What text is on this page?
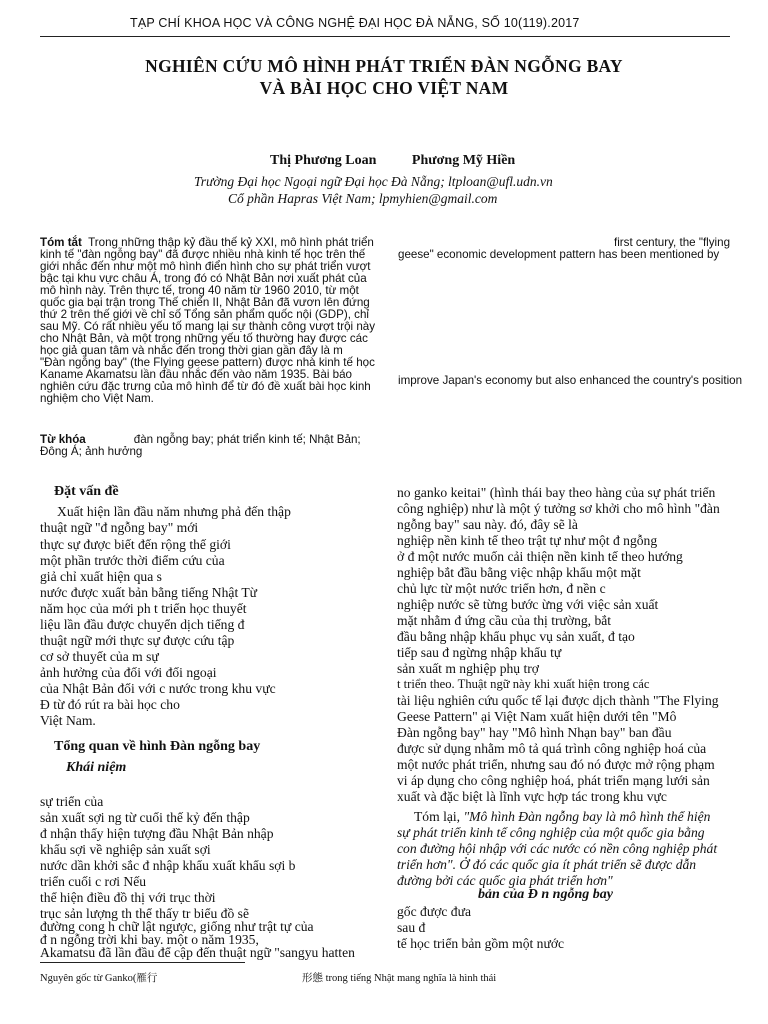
TẠP CHÍ KHOA HỌC VÀ CÔNG NGHỆ ĐẠI HỌC ĐÀ NẴNG, SỐ 10(119).2017
NGHIÊN CỨU MÔ HÌNH PHÁT TRIỂN ĐÀN NGỖNG BAY
VÀ BÀI HỌC CHO VIỆT NAM
Thị Phương Loan	Phương Mỹ Hiền
Trường Đại học Ngoại ngữ Đại học Đà Nẵng; ltploan@ufl.udn.vn
Cổ phần Hapras Việt Nam; lpmyhien@gmail.com
Tóm tắt Trong những thập kỷ đầu thế kỷ XXI, mô hình phát triển
kinh tế "đàn ngỗng bay" đã được nhiều nhà kinh tế học trên thế
giới nhắc đến như một mô hình điển hình cho sự phát triển vượt
bậc tại khu vực châu Á, trong đó có Nhật Bản nơi xuất phát của
mô hình này. Trên thực tế, trong 40 năm từ 1960 2010, từ một
quốc gia bại trận trong Thế chiến II, Nhật Bản đã vươn lên đứng
thứ 2 trên thế giới về chỉ số Tổng sản phẩm quốc nội (GDP), chỉ
sau Mỹ. Có rất nhiều yếu tố mang lại sự thành công vượt trội này
cho Nhật Bản, và một trong những yếu tố thường hay được các
học giả quan tâm và nhắc đến trong thời gian gần đây là m
"Đàn ngỗng bay" (the Flying geese pattern) được nhà kinh tế học
Kaname Akamatsu lần đầu nhắc đến vào năm 1935. Bài báo
nghiên cứu đặc trưng của mô hình để từ đó đề xuất bài học kinh
nghiệm cho Việt Nam.
Từ khóa	đàn ngỗng bay; phát triển kinh tế; Nhật Bản;
Đông Á; ảnh hưởng
first century, the "flying
geese" economic development pattern has been mentioned by
improve Japan's economy but also enhanced the country's position
Đặt vấn đề
Xuất hiện lần đầu năm nhưng phả đến thập
thuật ngữ "đ ngỗng bay" mới
thực sự được biết đến rộng thế giới
một phần trước thời điểm cứu của
giả chỉ xuất hiện qua s
nước được xuất bản bằng tiếng Nhật Từ
năm học của mới ph t triển học thuyết
liệu lần đầu được chuyển dịch tiếng đ
thuật ngữ mới thực sự được cứu tập
cơ sở thuyết của m sự
ảnh hưởng của đối với đối ngoại
của Nhật Bản đối với c nước trong khu vực
Đ từ đó rút ra bài học cho
Việt Nam.
Tổng quan về hình Đàn ngỗng bay
Khái niệm
sự triển của
sản xuất sợi ng từ cuối thế kỷ đến thập
đ nhận thấy hiện tượng đầu Nhật Bản nhập
khẩu sợi về nghiệp sản xuất sợi
nước dần khởi sắc đ nhập khẩu xuất khẩu sợi b
triển cuối c rơi Nếu
thể hiện điều đồ thị với trục thời
trục sản lượng th thể thấy tr biểu đồ sẽ
đường cong h chữ lật ngược, giống như trật tự của
đ n ngỗng trời khi bay. một o năm 1935,
Akamatsu đã lần đầu để cập đến thuật ngữ "sangyu hatten
no ganko keitai" (hình thái bay theo hàng của sự phát triển
công nghiệp) như là một ý tưởng sơ khởi cho mô hình "đàn
ngỗng bay" sau này. đó, đây sẽ là
nghiệp nền kinh tế theo trật tự như một đ ngỗng
ở đ một nước muốn cải thiện nền kinh tế theo hướng
nghiệp bắt đầu bằng việc nhập khẩu một mặt
chủ lực từ một nước triển hơn, đ nền c
nghiệp nước sẽ từng bước ừng với việc sản xuất
mặt nhằm đ ứng cầu của thị trường, bắt
đầu bằng nhập khẩu phục vụ sản xuất, đ tạo
tiếp sau đ ngừng nhập khẩu tự
sản xuất m nghiệp phụ trợ
t triển theo. Thuật ngữ này khi xuất hiện trong các
tài liệu nghiên cứu quốc tế lại được dịch thành "The Flying
Geese Pattern" ại Việt Nam xuất hiện dưới tên "Mô
Đàn ngỗng bay" hay "Mô hình Nhạn bay" ban đầu
được sử dụng nhằm mô tả quá trình công nghiệp hoá của
một nước phát triển, nhưng sau đó nó được mở rộng phạm
vi áp dụng cho công nghiệp hoá, phát triển mạng lưới sản
xuất và đặc biệt là lĩnh vực hợp tác trong khu vực
Tóm lại, "Mô hình Đàn ngỗng bay là mô hình thể hiện
sự phát triển kinh tế công nghiệp của một quốc gia bằng
con đường hội nhập với các nước có nền công nghiệp phát
triển hơn". Ở đó các quốc gia ít phát triển sẽ được dẫn
đường bởi các quốc gia phát triển hơn"
bản của Đ n ngỗng bay
gốc được đưa
sau đ
tế học triển bản gồm một nước
Nguyên gốc từ Ganko(雁行	形態 trong tiếng Nhật mang nghĩa là hình thái
